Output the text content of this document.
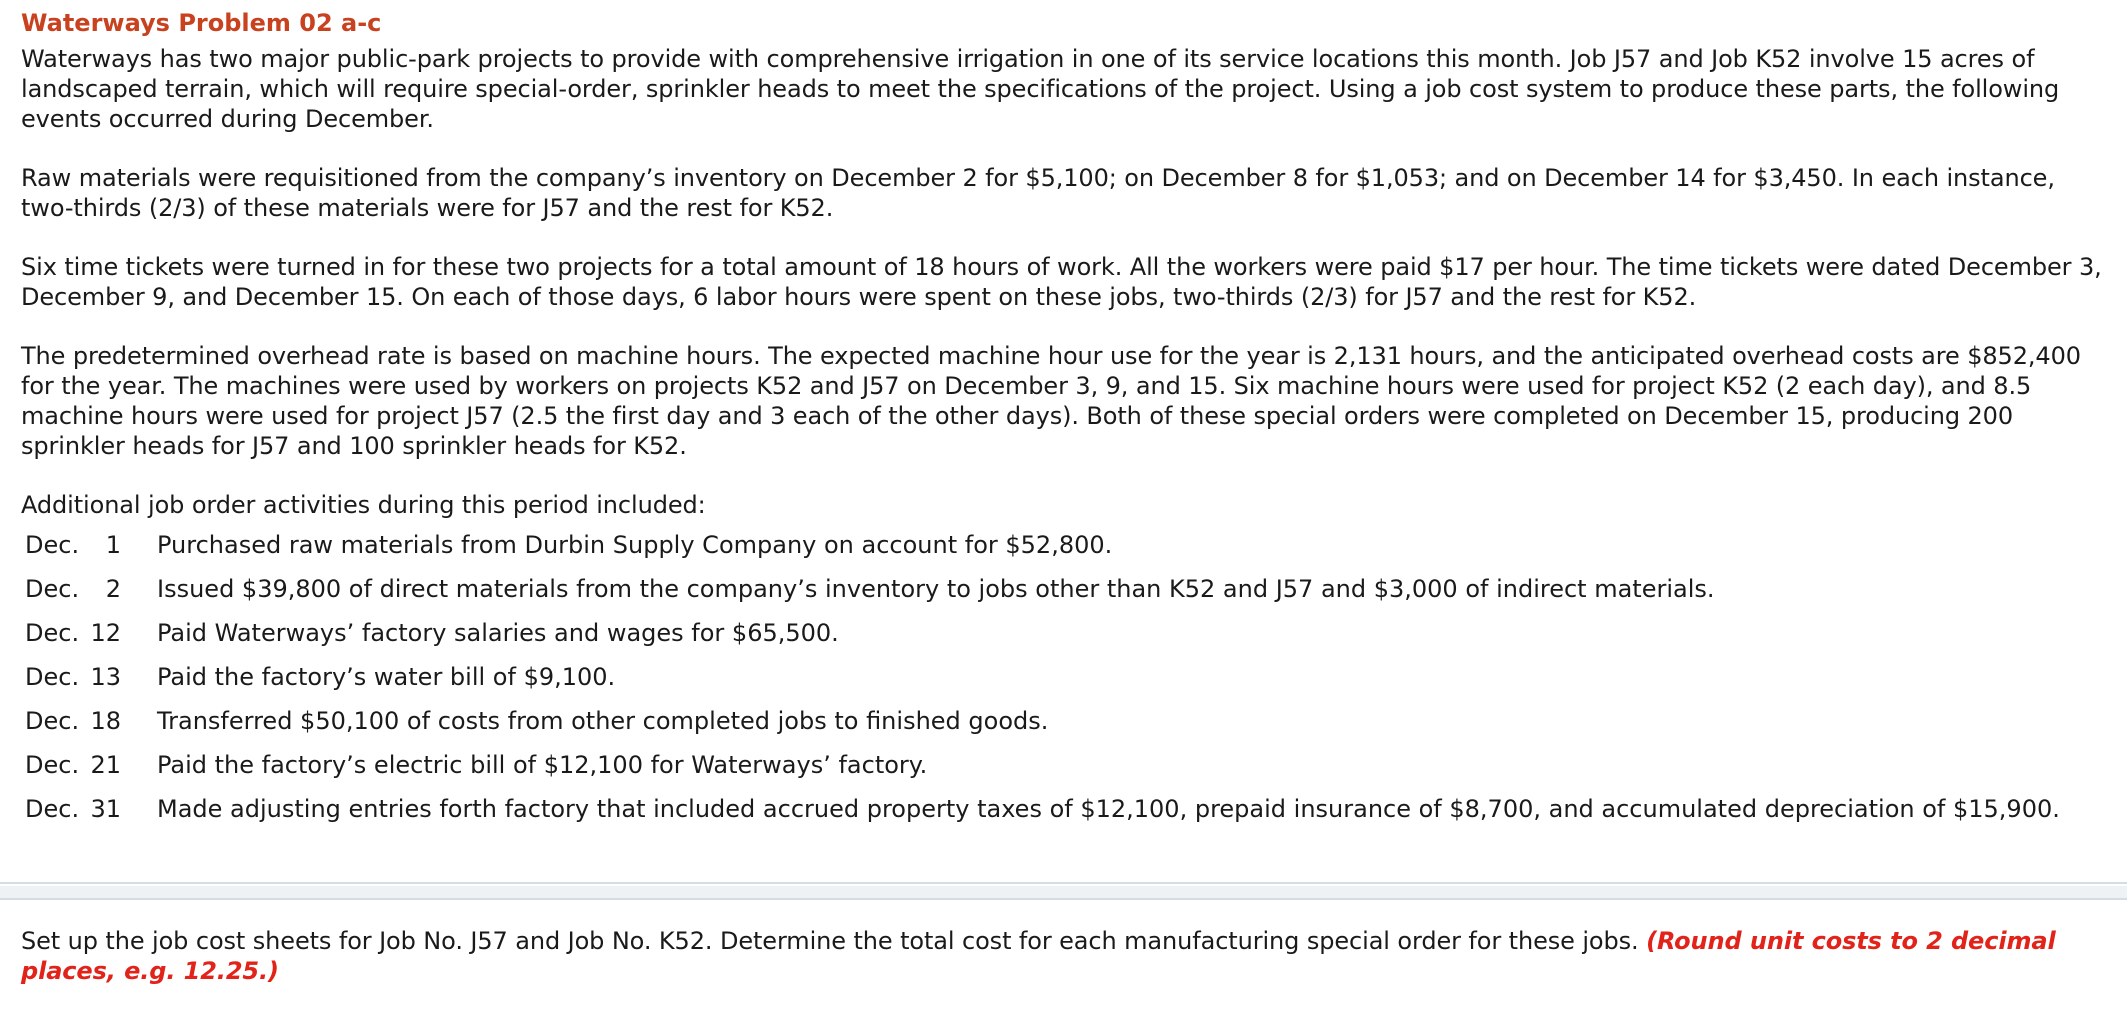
Waterways Problem 02 a-c
Waterways has two major public-park projects to provide with comprehensive irrigation in one of its service locations this month. Job J57 and Job K52 involve 15 acres of landscaped terrain, which will require special-order, sprinkler heads to meet the specifications of the project. Using a job cost system to produce these parts, the following events occurred during December.
Raw materials were requisitioned from the company’s inventory on December 2 for $5,100; on December 8 for $1,053; and on December 14 for $3,450. In each instance, two-thirds (2/3) of these materials were for J57 and the rest for K52.
Six time tickets were turned in for these two projects for a total amount of 18 hours of work. All the workers were paid $17 per hour. The time tickets were dated December 3, December 9, and December 15. On each of those days, 6 labor hours were spent on these jobs, two-thirds (2/3) for J57 and the rest for K52.
The predetermined overhead rate is based on machine hours. The expected machine hour use for the year is 2,131 hours, and the anticipated overhead costs are $852,400 for the year. The machines were used by workers on projects K52 and J57 on December 3, 9, and 15. Six machine hours were used for project K52 (2 each day), and 8.5 machine hours were used for project J57 (2.5 the first day and 3 each of the other days). Both of these special orders were completed on December 15, producing 200 sprinkler heads for J57 and 100 sprinkler heads for K52.
Additional job order activities during this period included:
Dec.	1	Purchased raw materials from Durbin Supply Company on account for $52,800.
Dec.	2	Issued $39,800 of direct materials from the company’s inventory to jobs other than K52 and J57 and $3,000 of indirect materials.
Dec. 12	Paid Waterways’ factory salaries and wages for $65,500.
Dec. 13	Paid the factory’s water bill of $9,100.
Dec. 18	Transferred $50,100 of costs from other completed jobs to finished goods.
Dec. 21	Paid the factory’s electric bill of $12,100 for Waterways’ factory.
Dec. 31	Made adjusting entries forth factory that included accrued property taxes of $12,100, prepaid insurance of $8,700, and accumulated depreciation of $15,900.
Set up the job cost sheets for Job No. J57 and Job No. K52. Determine the total cost for each manufacturing special order for these jobs. (Round unit costs to 2 decimal places, e.g. 12.25.)
